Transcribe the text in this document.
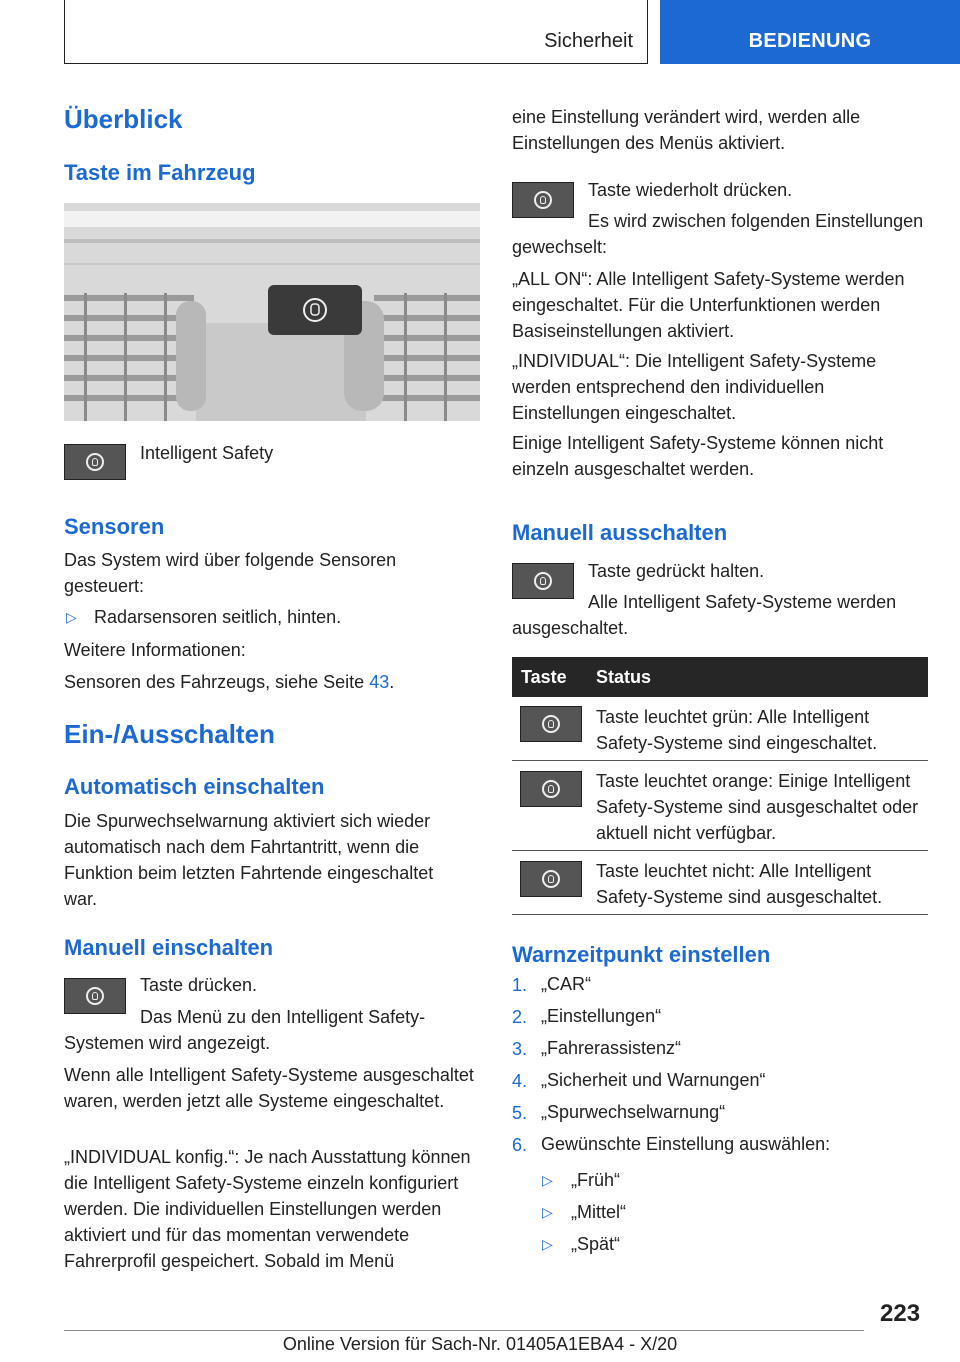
Sicherheit	BEDIENUNG
Überblick
Taste im Fahrzeug

Intelligent Safety

Sensoren

Das System wird über folgende Sensoren gesteuert:

▷ Radarsensoren seitlich, hinten.

Weitere Informationen:

Sensoren des Fahrzeugs, siehe Seite 43.

Ein-/Ausschalten
Automatisch einschalten

Die Spurwechselwarnung aktiviert sich wieder automatisch nach dem Fahrtantritt, wenn die Funktion beim letzten Fahrtende eingeschaltet war.

Manuell einschalten

Taste drücken.

Das Menü zu den Intelligent Safety-Systemen wird angezeigt.

Wenn alle Intelligent Safety-Systeme ausgeschaltet waren, werden jetzt alle Systeme eingeschaltet.

„INDIVIDUAL konfig.“: Je nach Ausstattung können die Intelligent Safety-Systeme einzeln konfiguriert werden. Die individuellen Einstellungen werden aktiviert und für das momentan verwendete Fahrerprofil gespeichert. Sobald im Menü

eine Einstellung verändert wird, werden alle Einstellungen des Menüs aktiviert.

Taste wiederholt drücken.

Es wird zwischen folgenden Einstellungen gewechselt:

„ALL ON“: Alle Intelligent Safety-Systeme werden eingeschaltet. Für die Unterfunktionen werden Basiseinstellungen aktiviert.

„INDIVIDUAL“: Die Intelligent Safety-Systeme werden entsprechend den individuellen Einstellungen eingeschaltet.

Einige Intelligent Safety-Systeme können nicht einzeln ausgeschaltet werden.

Manuell ausschalten

Taste gedrückt halten.

Alle Intelligent Safety-Systeme werden ausgeschaltet.

Taste Status

Taste leuchtet grün: Alle Intelligent Safety-Systeme sind eingeschaltet.

Taste leuchtet orange: Einige Intelligent Safety-Systeme sind ausgeschaltet oder aktuell nicht verfügbar.

Taste leuchtet nicht: Alle Intelligent Safety-Systeme sind ausgeschaltet.

Warnzeitpunkt einstellen
1. „CAR“

2. „Einstellungen“

3. „Fahrerassistenz“

4. „Sicherheit und Warnungen“

5. „Spurwechselwarnung“

6. Gewünschte Einstellung auswählen:

▷ „Früh“

▷ „Mittel“

▷ „Spät“

223
Online Version für Sach-Nr. 01405A1EBA4 - X/20
